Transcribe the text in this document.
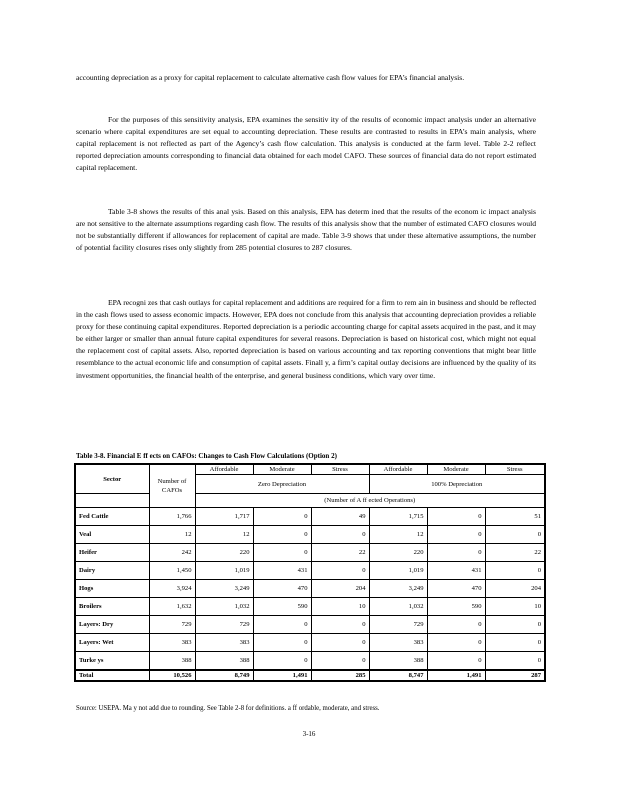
accounting depreciation as a proxy for capital replacement to calculate alternative cash flow values for EPA’s financial analysis.

For the purposes of this sensitivity analysis, EPA examines the sensitiv ity of the results of economic impact analysis under an alternative scenario where capital expenditures are set equal to accounting depreciation. These results are contrasted to results in EPA’s main analysis, where capital replacement is not reflected as part of the Agency’s cash flow calculation. This analysis is conducted at the farm level. Table 2-2 reflect reported depreciation amounts corresponding to financial data obtained for each model CAFO. These sources of financial data do not report estimated capital replacement.

Table 3-8 shows the results of this anal ysis. Based on this analysis, EPA has determ ined that the results of the econom ic impact analysis are not sensitive to the alternate assumptions regarding cash flow. The results of this analysis show that the number of estimated CAFO closures would not be substantially different if allowances for replacement of capital are made. Table 3-9 shows that under these alternative assumptions, the number of potential facility closures rises only slightly from 285 potential closures to 287 closures.

EPA recogni zes that cash outlays for capital replacement and additions are required for a firm to rem ain in business and should be reflected in the cash flows used to assess economic impacts. However, EPA does not conclude from this analysis that accounting depreciation provides a reliable proxy for these continuing capital expenditures. Reported depreciation is a periodic accounting charge for capital assets acquired in the past, and it may be either larger or smaller than annual future capital expenditures for several reasons. Depreciation is based on historical cost, which might not equal the replacement cost of capital assets. Also, reported depreciation is based on various accounting and tax reporting conventions that might bear little resemblance to the actual economic life and consumption of capital assets. Finall y, a firm’s capital outlay decisions are influenced by the quality of its investment opportunities, the financial health of the enterprise, and general business conditions, which vary over time.

Table 3-8. Financial E ff ects on CAFOs: Changes to Cash Flow Calculations (Option 2)
Sector	Number of CAFOs	Affordable	Moderate	Stress	Affordable	Moderate	Stress
		Zero Depreciation			100% Depreciation		
		(Number of A ff ected Operations)					
Fed Cattle	1,766	1,717	0	49	1,715	0	51
Veal	12	12	0	0	12	0	0
Heifer	242	220	0	22	220	0	22
Dairy	1,450	1,019	431	0	1,019	431	0
Hogs	3,924	3,249	470	204	3,249	470	204
Broilers	1,632	1,032	590	10	1,032	590	10
Layers: Dry	729	729	0	0	729	0	0
Layers: Wet	383	383	0	0	383	0	0
Turke ys	388	388	0	0	388	0	0
Total	10,526	8,749	1,491	285	8,747	1,491	287
Source: USEPA. Ma y not add due to rounding. See Table 2-8 for definitions. a ff ordable, moderate, and stress.
3-16
